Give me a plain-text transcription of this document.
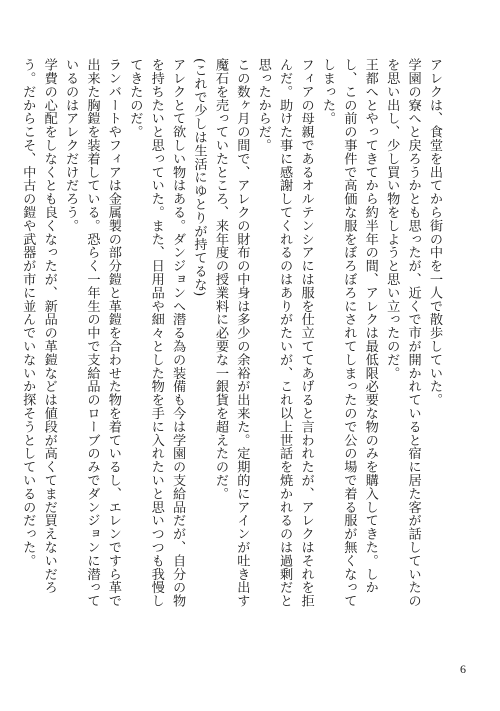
アレクは、食堂を出てから街の中を一人で散歩していた。

学園の寮へと戻ろうかとも思ったが、近くで市が開かれていると宿に居た客が話していたのを思い出し、少し買い物をしようと思い立ったのだ。

王都へとやってきてから約半年の間、アレクは最低限必要な物のみを購入してきた。しかし、この前の事件で高価な服をぼろぼろにされてしまったので公の場で着る服が無くなってしまった。

フィアの母親であるオルテンシアには服を仕立ててあげると言われたが、アレクはそれを拒んだ。助けた事に感謝してくれるのはありがたいが、これ以上世話を焼かれるのは過剰だと思ったからだ。

この数ヶ月の間で、アレクの財布の中身は多少の余裕が出来た。定期的にアインが吐き出す魔石を売っていたところ、来年度の授業料に必要な一銀貨を超えたのだ。

(これで少しは生活にゆとりが持てるな)

アレクとて欲しい物はある。ダンジョンへ潜る為の装備も今は学園の支給品だが、自分の物を持ちたいと思っていた。また、日用品や細々とした物を手に入れたいと思いつつも我慢してきたのだ。

ランバートやフィアは金属製の部分鎧と革鎧を合わせた物を着ているし、エレンですら革で出来た胸鎧を装着している。恐らく一年生の中で支給品のローブのみでダンジョンに潜っているのはアレクだけだろう。

学費の心配をしなくとも良くなったが、新品の革鎧などは値段が高くてまだ買えないだろう。だからこそ、中古の鎧や武器が市に並んでいないか探そうとしているのだった。

6
